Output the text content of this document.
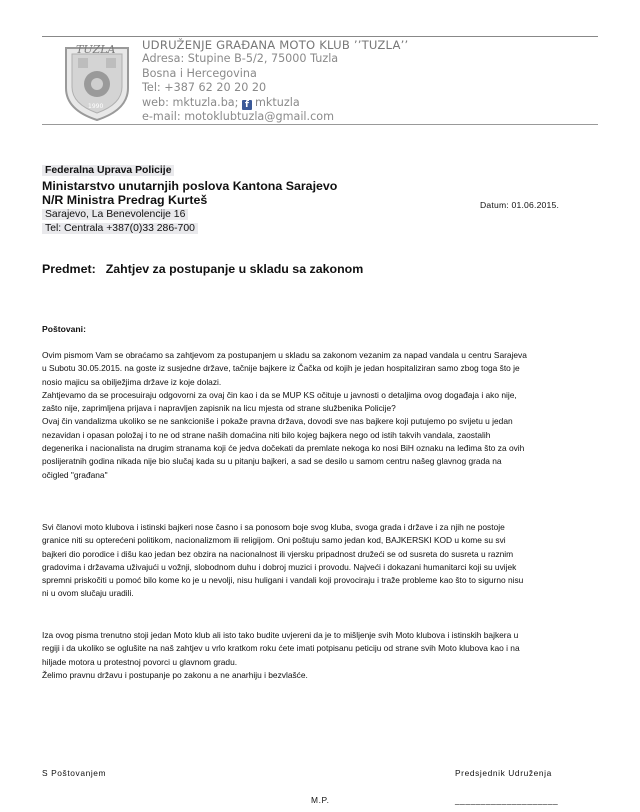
TUZLA
1990
UDRUŽENJE GRAĐANA MOTO KLUB ’’TUZLA’’
Adresa: Stupine B-5/2, 75000 Tuzla
Bosna i Hercegovina
Tel: +387 62 20 20 20
web: mktuzla.ba; f mktuzla
e-mail: motoklubtuzla@gmail.com
Federalna Uprava Policije
Ministarstvo unutarnjih poslova Kantona Sarajevo
N/R Ministra Predrag Kurteš
Sarajevo, La Benevolencije 16
Tel: Centrala +387(0)33 286-700
Datum: 01.06.2015.
Predmet: Zahtjev za postupanje u skladu sa zakonom
Poštovani:

Ovim pismom Vam se obraćamo sa zahtjevom za postupanjem u skladu sa zakonom vezanim za napad vandala u centru Sarajeva

u Subotu 30.05.2015. na goste iz susjedne države, tačnije bajkere iz Čačka od kojih je jedan hospitaliziran samo zbog toga što je

nosio majicu sa obilježjima države iz koje dolazi.

Zahtjevamo da se procesuiraju odgovorni za ovaj čin kao i da se MUP KS očituje u javnosti o detaljima ovog događaja i ako nije,

zašto nije, zaprimljena prijava i napravljen zapisnik na licu mjesta od strane službenika Policije?

Ovaj čin vandalizma ukoliko se ne sankcioniše i pokaže pravna država, dovodi sve nas bajkere koji putujemo po svijetu u jedan

nezavidan i opasan položaj i to ne od strane naših domaćina niti bilo kojeg bajkera nego od istih takvih vandala, zaostalih

degenerika i nacionalista na drugim stranama koji će jedva dočekati da premlate nekoga ko nosi BiH oznaku na leđima što za ovih

poslijeratnih godina nikada nije bio slučaj kada su u pitanju bajkeri, a sad se desilo u samom centru našeg glavnog grada na

očigled "građana"

Svi članovi moto klubova i istinski bajkeri nose časno i sa ponosom boje svog kluba, svoga grada i države i za njih ne postoje

granice niti su opterećeni politikom, nacionalizmom ili religijom. Oni poštuju samo jedan kod, BAJKERSKI KOD u kome su svi

bajkeri dio porodice i dišu kao jedan bez obzira na nacionalnost ili vjersku pripadnost družeći se od susreta do susreta u raznim

gradovima i državama uživajući u vožnji, slobodnom duhu i dobroj muzici i provodu. Najveći i dokazani humanitarci koji su uvijek

spremni priskočiti u pomoć bilo kome ko je u nevolji, nisu huligani i vandali koji provociraju i traže probleme kao što to sigurno nisu

ni u ovom slučaju uradili.

Iza ovog pisma trenutno stoji jedan Moto klub ali isto tako budite uvjereni da je to mišljenje svih Moto klubova i istinskih bajkera u

regiji i da ukoliko se oglušite na naš zahtjev u vrlo kratkom roku ćete imati potpisanu peticiju od strane svih Moto klubova kao i na

hiljade motora u protestnoj povorci u glavnom gradu.

Želimo pravnu državu i postupanje po zakonu a ne anarhiju i bezvlašće.

S Poštovanjem	Predsjednik Udruženja
M.P.	____________________
